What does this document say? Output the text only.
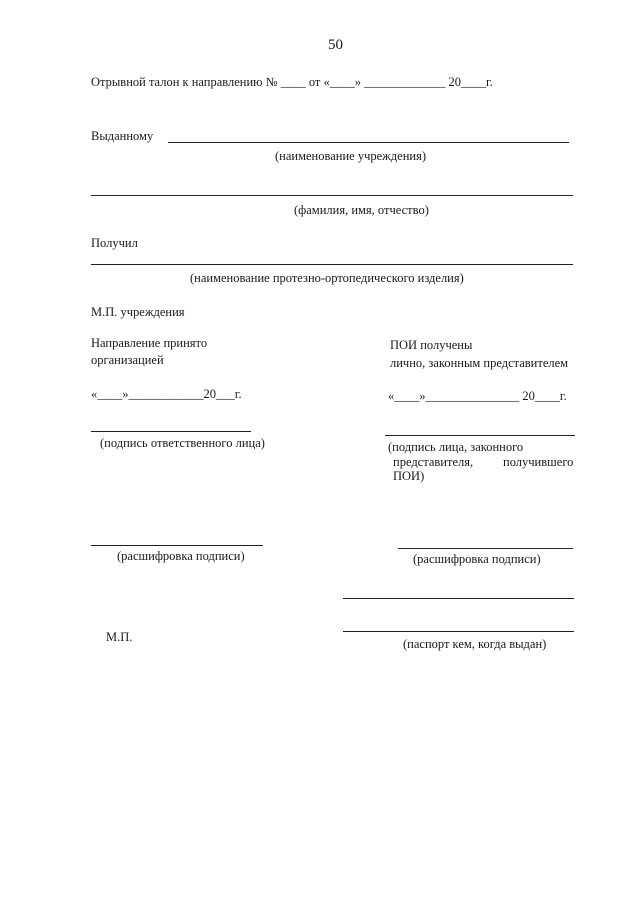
50
Отрывной талон к направлению № ____ от «____» _____________ 20____г.
Выданному
(наименование учреждения)
(фамилия, имя, отчество)
Получил
(наименование протезно-ортопедического изделия)
М.П. учреждения
Направление принято
организацией
«____»____________20___г.
(подпись ответственного лица)
(расшифровка подписи)
М.П.
ПОИ получены
лично, законным представителем
«____»_______________ 20____г.
(подпись лица, законного
представителя, получившего
ПОИ)
(расшифровка подписи)
(паспорт кем, когда выдан)
